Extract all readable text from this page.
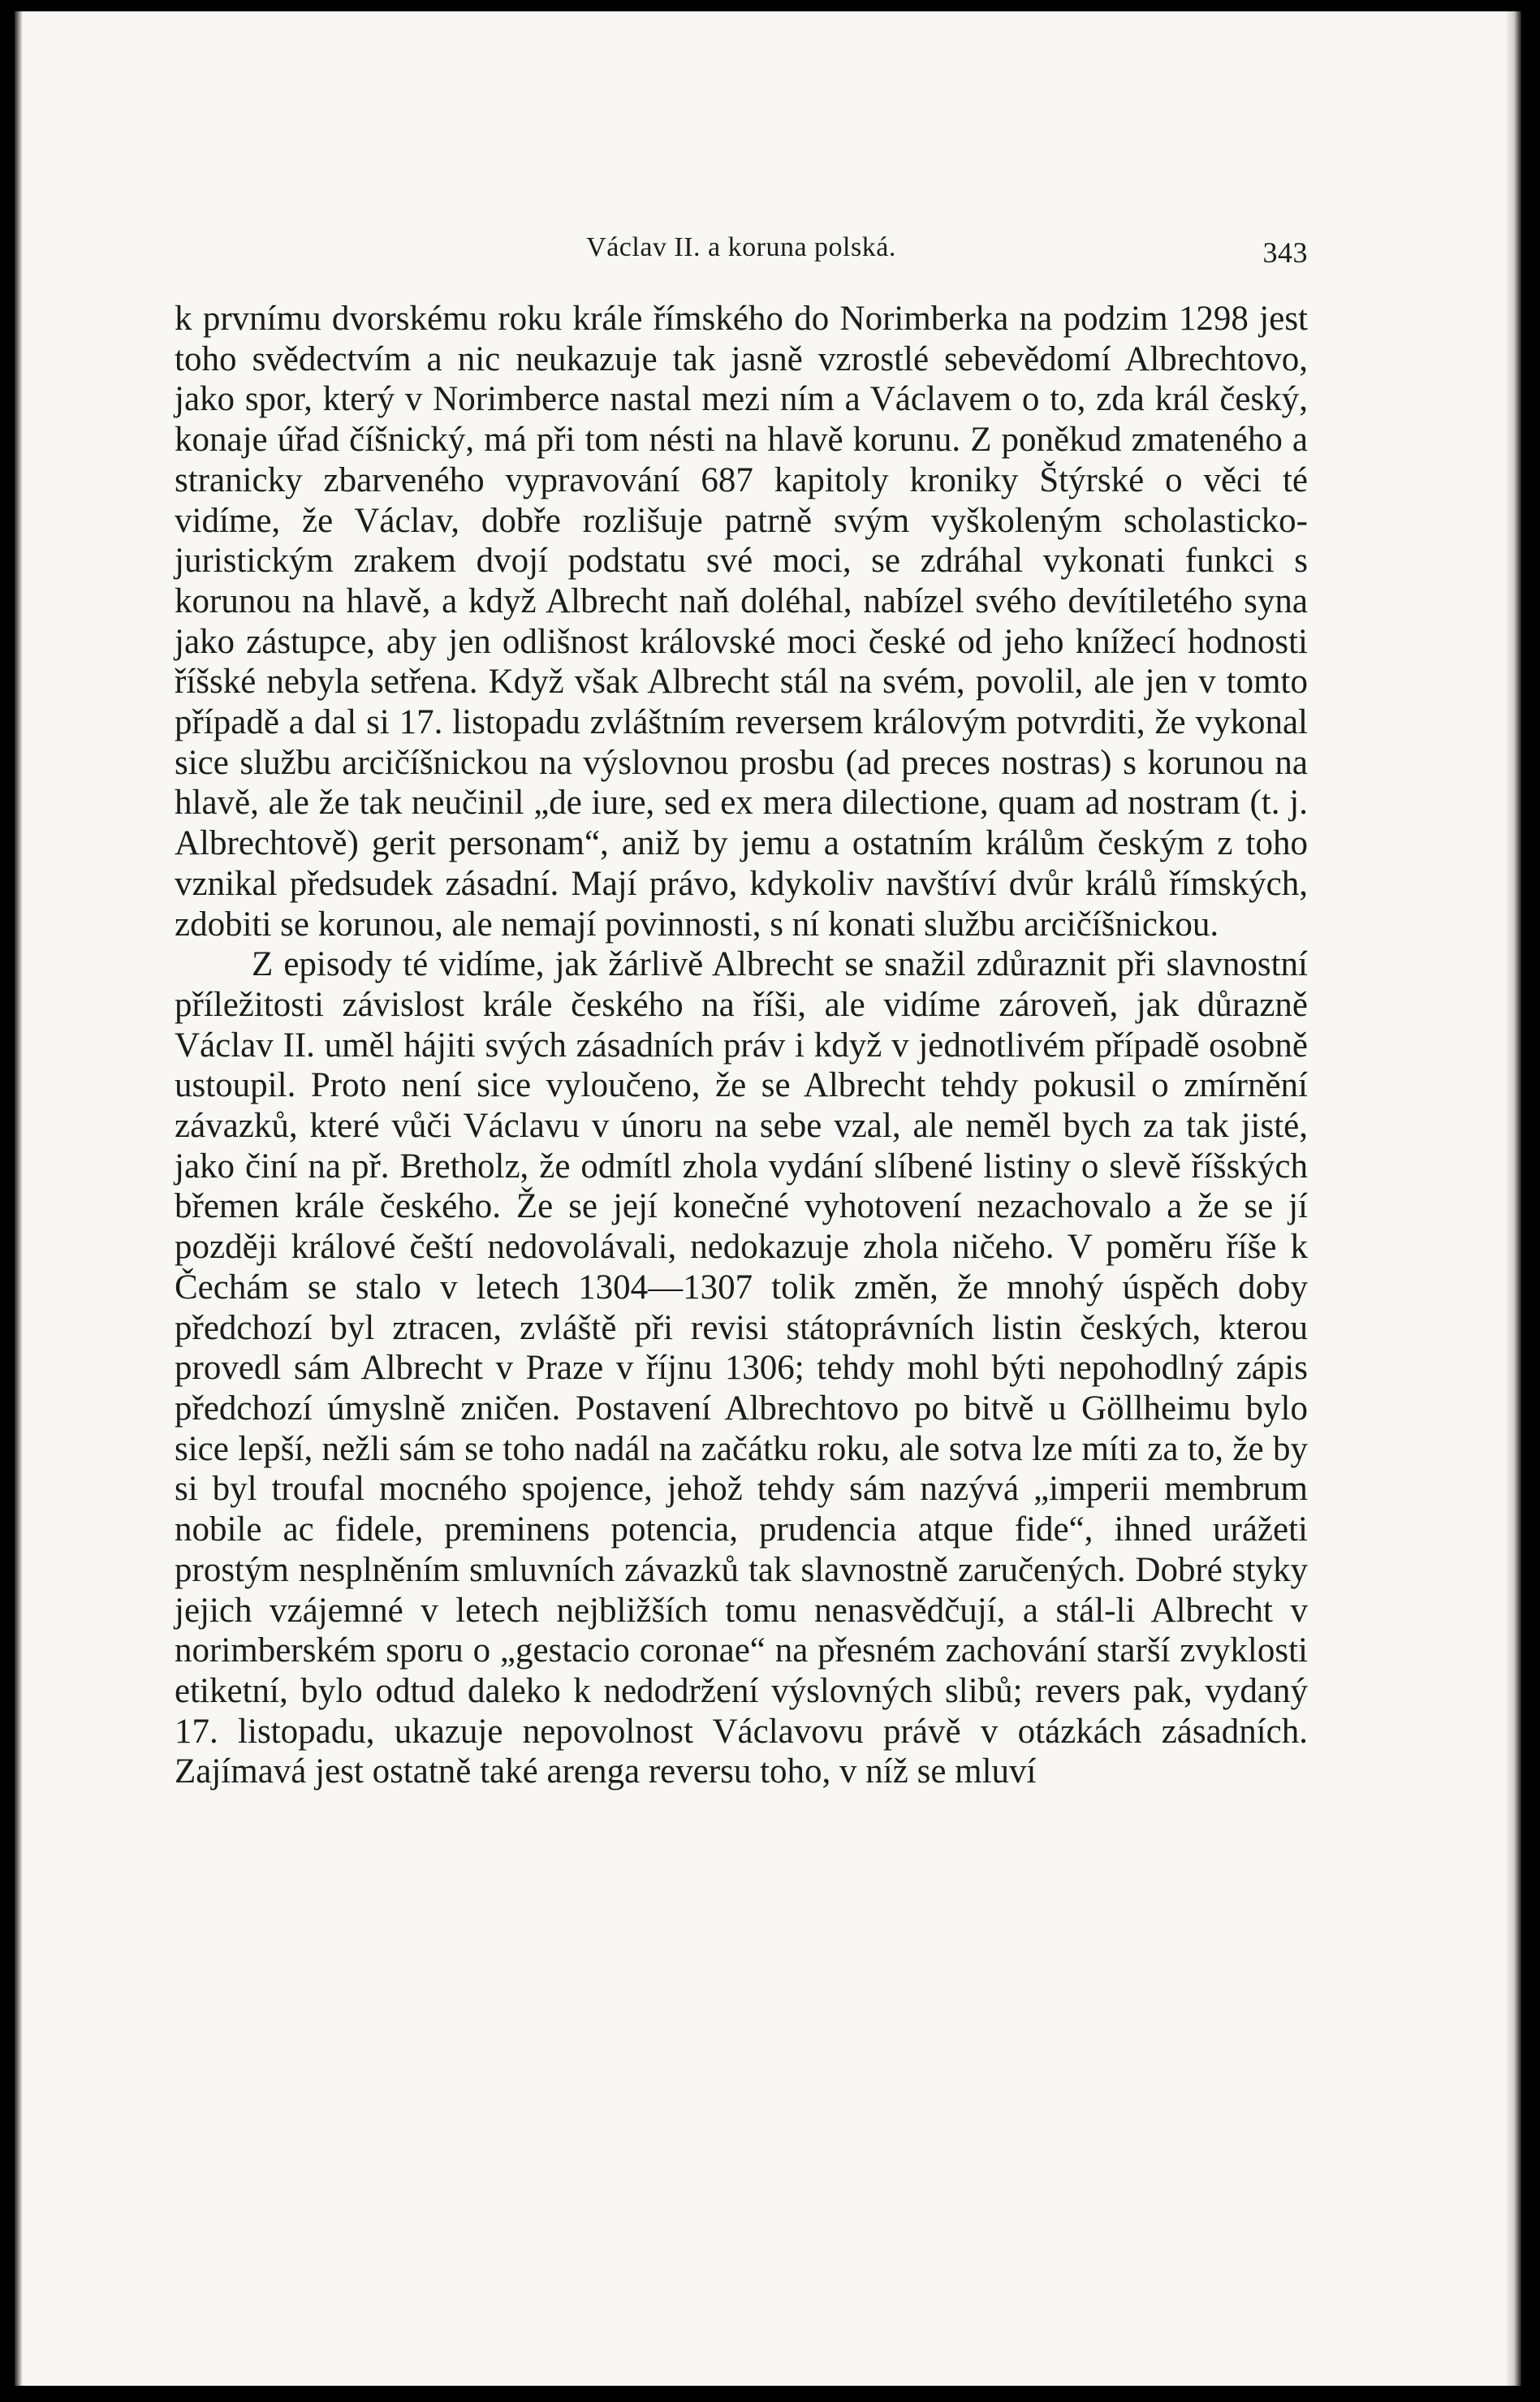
Václav II. a koruna polská.	343

k prvnímu dvorskému roku krále římského do Norimberka na podzim 1298 jest toho svědectvím a nic neukazuje tak jasně vzrostlé sebevědomí Albrechtovo, jako spor, který v Norimberce nastal mezi ním a Václavem o to, zda král český, konaje úřad číšnický, má při tom nésti na hlavě korunu. Z poněkud zmateného a stranicky zbarveného vypravování 687 kapitoly kroniky Štýrské o věci té vidíme, že Václav, dobře rozlišuje patrně svým vyškoleným scholasticko-juristickým zrakem dvojí podstatu své moci, se zdráhal vykonati funkci s korunou na hlavě, a když Albrecht naň doléhal, nabízel svého devítiletého syna jako zástupce, aby jen odlišnost královské moci české od jeho knížecí hodnosti říšské nebyla setřena. Když však Albrecht stál na svém, povolil, ale jen v tomto případě a dal si 17. listopadu zvláštním reversem královým potvrditi, že vykonal sice službu arcičíšnickou na výslovnou prosbu (ad preces nostras) s korunou na hlavě, ale že tak neučinil „de iure, sed ex mera dilectione, quam ad nostram (t. j. Albrechtově) gerit personam“, aniž by jemu a ostatním králům českým z toho vznikal předsudek zásadní. Mají právo, kdykoliv navštíví dvůr králů římských, zdobiti se korunou, ale nemají povinnosti, s ní konati službu arcičíšnickou.

Z episody té vidíme, jak žárlivě Albrecht se snažil zdůraznit při slavnostní příležitosti závislost krále českého na říši, ale vidíme zároveň, jak důrazně Václav II. uměl hájiti svých zásadních práv i když v jednotlivém případě osobně ustoupil. Proto není sice vyloučeno, že se Albrecht tehdy pokusil o zmírnění závazků, které vůči Václavu v únoru na sebe vzal, ale neměl bych za tak jisté, jako činí na př. Bretholz, že odmítl zhola vydání slíbené listiny o slevě říšských břemen krále českého. Že se její konečné vyhotovení nezachovalo a že se jí později králové čeští nedovolávali, nedokazuje zhola ničeho. V poměru říše k Čechám se stalo v letech 1304—1307 tolik změn, že mnohý úspěch doby předchozí byl ztracen, zvláště při revisi státoprávních listin českých, kterou provedl sám Albrecht v Praze v říjnu 1306; tehdy mohl býti nepohodlný zápis předchozí úmyslně zničen. Postavení Albrechtovo po bitvě u Göllheimu bylo sice lepší, nežli sám se toho nadál na začátku roku, ale sotva lze míti za to, že by si byl troufal mocného spojence, jehož tehdy sám nazývá „imperii membrum nobile ac fidele, preminens potencia, prudencia atque fide“, ihned urážeti prostým nesplněním smluvních závazků tak slavnostně zaručených. Dobré styky jejich vzájemné v letech nejbližších tomu nenasvědčují, a stál-li Albrecht v norimberském sporu o „gestacio coronae“ na přesném zachování starší zvyklosti etiketní, bylo odtud daleko k nedodržení výslovných slibů; revers pak, vydaný 17. listopadu, ukazuje nepovolnost Václavovu právě v otázkách zásadních. Zajímavá jest ostatně také arenga reversu toho, v níž se mluví
